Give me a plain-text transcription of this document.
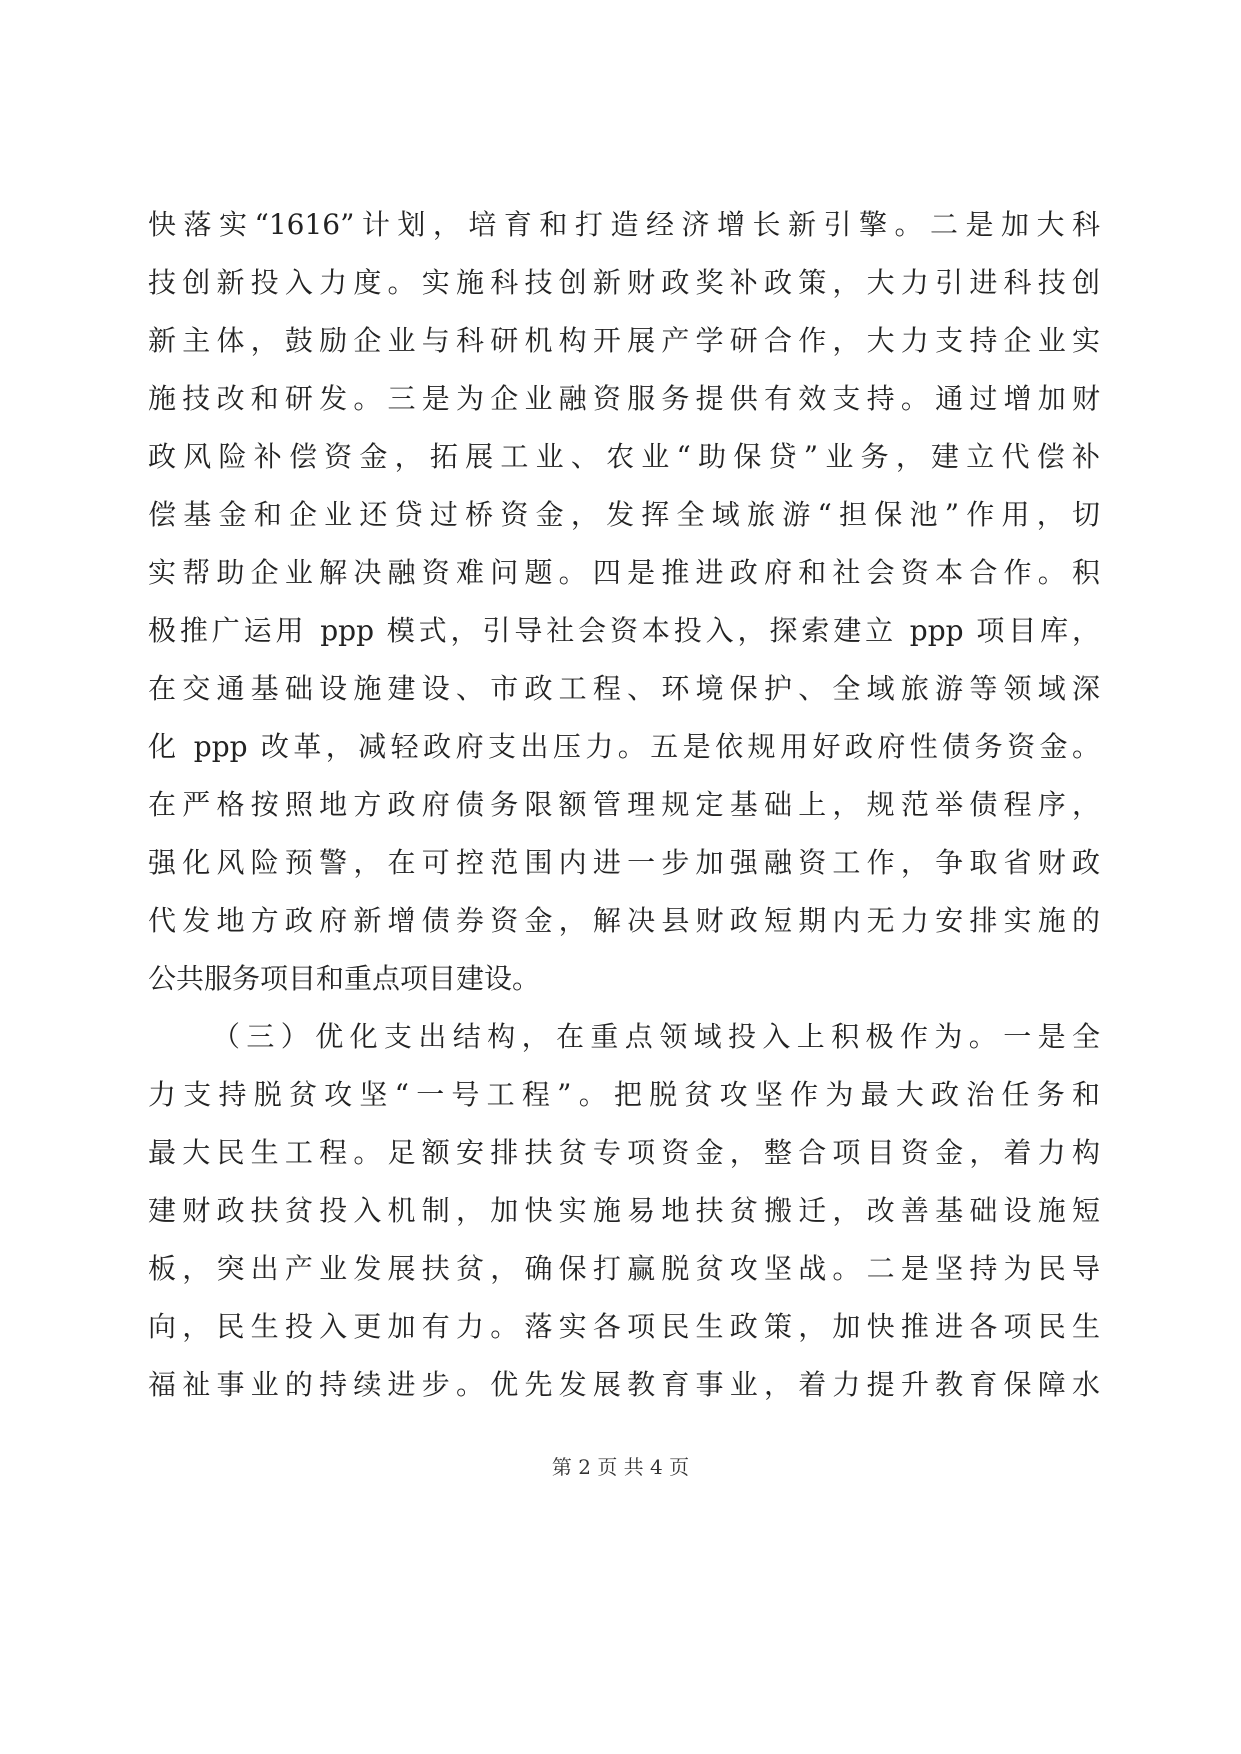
快落实“1616”计划，培育和打造经济增长新引擎。二是加大科
技创新投入力度。实施科技创新财政奖补政策，大力引进科技创
新主体，鼓励企业与科研机构开展产学研合作，大力支持企业实
施技改和研发。三是为企业融资服务提供有效支持。通过增加财
政风险补偿资金，拓展工业、农业“助保贷”业务，建立代偿补
偿基金和企业还贷过桥资金，发挥全域旅游“担保池”作用，切
实帮助企业解决融资难问题。四是推进政府和社会资本合作。积
极推广运用 ppp 模式，引导社会资本投入，探索建立 ppp 项目库，
在交通基础设施建设、市政工程、环境保护、全域旅游等领域深
化 ppp 改革，减轻政府支出压力。五是依规用好政府性债务资金。
在严格按照地方政府债务限额管理规定基础上，规范举债程序，
强化风险预警，在可控范围内进一步加强融资工作，争取省财政
代发地方政府新增债券资金，解决县财政短期内无力安排实施的
公共服务项目和重点项目建设。
（三）优化支出结构，在重点领域投入上积极作为。一是全
力支持脱贫攻坚“一号工程”。把脱贫攻坚作为最大政治任务和
最大民生工程。足额安排扶贫专项资金，整合项目资金，着力构
建财政扶贫投入机制，加快实施易地扶贫搬迁，改善基础设施短
板，突出产业发展扶贫，确保打赢脱贫攻坚战。二是坚持为民导
向，民生投入更加有力。落实各项民生政策，加快推进各项民生
福祉事业的持续进步。优先发展教育事业，着力提升教育保障水
第 2 页 共 4 页
